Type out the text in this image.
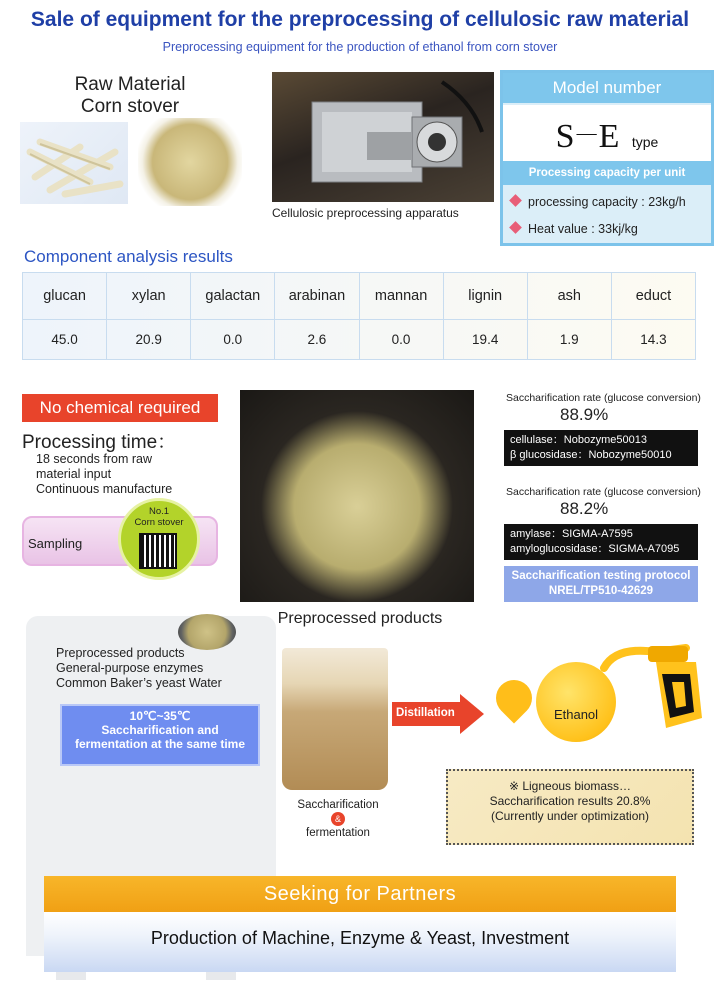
Sale of equipment for the preprocessing of cellulosic raw material
Preprocessing equipment for the production of ethanol from corn stover
Raw Material
Corn stover
Cellulosic preprocessing apparatus
Model number
S—E type
Processing capacity per unit
processing capacity : 23kg/h
Heat value : 33kj/kg
Component analysis results
glucan	xylan	galactan	arabinan	mannan	lignin	ash	educt
45.0	20.9	0.0	2.6	0.0	19.4	1.9	14.3
No chemical required
Processing time：
18 seconds from raw
material input
Continuous manufacture
Sampling
No.1
Corn stover
Preprocessed products
Saccharification rate (glucose conversion)
88.9%
cellulase：Nobozyme50013
β glucosidase：Nobozyme50010
Saccharification rate (glucose conversion)
88.2%
amylase：SIGMA-A7595
amyloglucosidase：SIGMA-A7095
Saccharification testing protocol
NREL/TP510-42629
Preprocessed products
General-purpose enzymes
Common Baker’s yeast Water
10℃~35℃
Saccharification and
fermentation at the same time
Saccharification
&
fermentation
Distillation	Ethanol
※ Ligneous biomass…
Saccharification results 20.8%
(Currently under optimization)
Seeking for Partners
Production of Machine, Enzyme & Yeast, Investment
